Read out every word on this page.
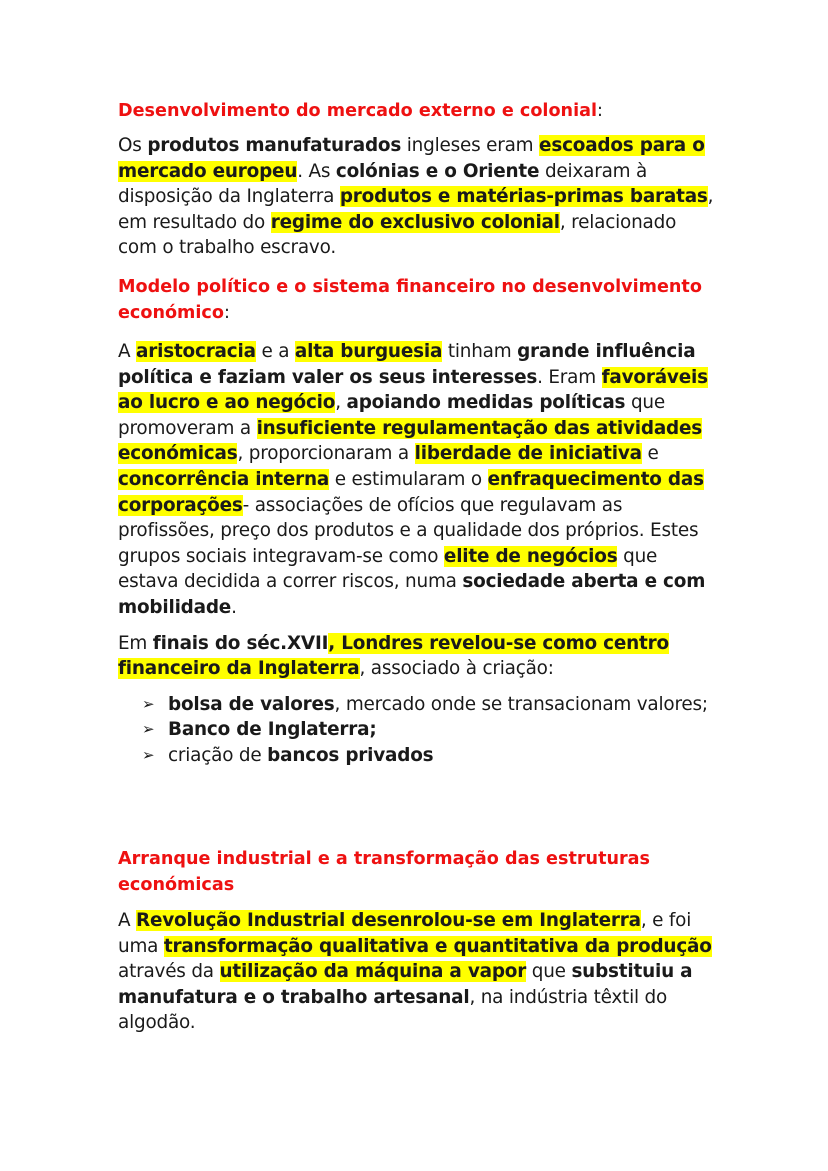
Desenvolvimento do mercado externo e colonial:

Os produtos manufaturados ingleses eram escoados para o mercado europeu. As colónias e o Oriente deixaram à disposição da Inglaterra produtos e matérias-primas baratas, em resultado do regime do exclusivo colonial, relacionado com o trabalho escravo.

Modelo político e o sistema financeiro no desenvolvimento económico:

A aristocracia e a alta burguesia tinham grande influência política e faziam valer os seus interesses. Eram favoráveis ao lucro e ao negócio, apoiando medidas políticas que promoveram a insuficiente regulamentação das atividades económicas, proporcionaram a liberdade de iniciativa e concorrência interna e estimularam o enfraquecimento das corporações- associações de ofícios que regulavam as profissões, preço dos produtos e a qualidade dos próprios. Estes grupos sociais integravam-se como elite de negócios que estava decidida a correr riscos, numa sociedade aberta e com mobilidade.

Em finais do séc.XVII, Londres revelou-se como centro financeiro da Inglaterra, associado à criação:

➢ bolsa de valores, mercado onde se transacionam valores;
➢ Banco de Inglaterra;
➢ criação de bancos privados
Arranque industrial e a transformação das estruturas económicas

A Revolução Industrial desenrolou-se em Inglaterra, e foi uma transformação qualitativa e quantitativa da produção através da utilização da máquina a vapor que substituiu a manufatura e o trabalho artesanal, na indústria têxtil do algodão.
